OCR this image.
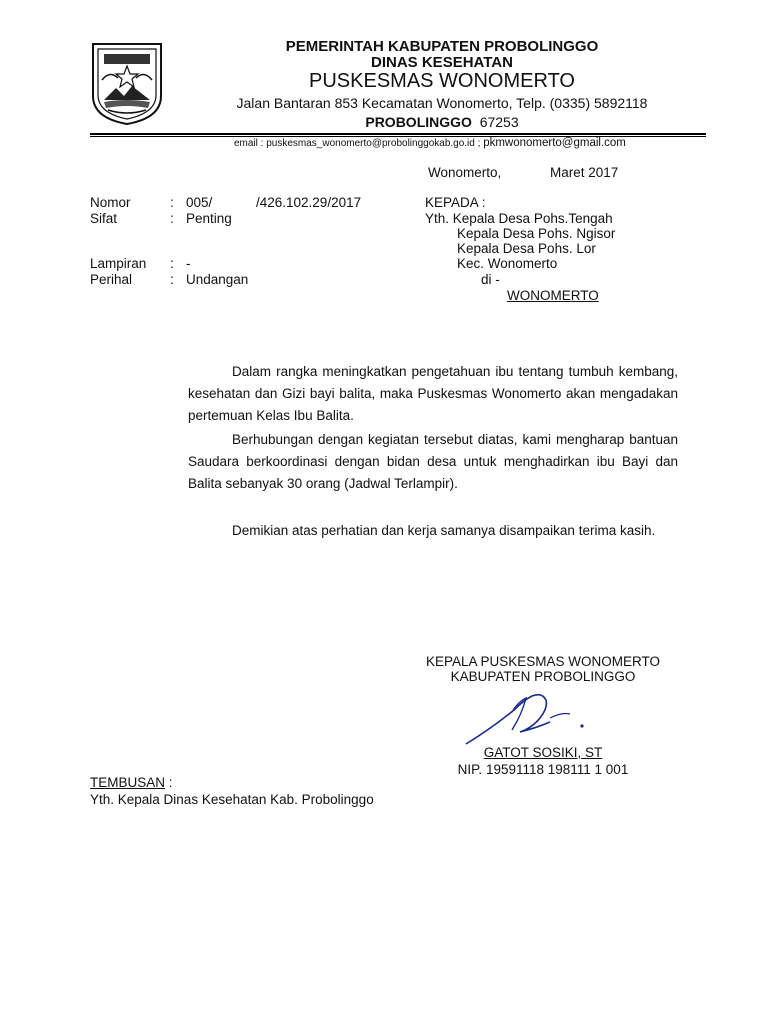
PEMERINTAH KABUPATEN PROBOLINGGO
DINAS KESEHATAN
PUSKESMAS WONOMERTO
Jalan Bantaran 853 Kecamatan Wonomerto, Telp. (0335) 5892118
PROBOLINGGO 67253
email : puskesmas_wonomerto@probolinggokab.go.id ; pkmwonomerto@gmail.com
Wonomerto,	Maret 2017
Nomor	: 005/	/426.102.29/2017
Sifat	: Penting
Lampiran : -
Perihal	: Undangan
KEPADA :
Yth. Kepala Desa Pohs.Tengah
Kepala Desa Pohs. Ngisor
Kepala Desa Pohs. Lor
Kec. Wonomerto
di -
WONOMERTO
Dalam rangka meningkatkan pengetahuan ibu tentang tumbuh kembang, kesehatan dan Gizi bayi balita, maka Puskesmas Wonomerto akan mengadakan pertemuan Kelas Ibu Balita.
Berhubungan dengan kegiatan tersebut diatas, kami mengharap bantuan Saudara berkoordinasi dengan bidan desa untuk menghadirkan ibu Bayi dan Balita sebanyak 30 orang (Jadwal Terlampir).
Demikian atas perhatian dan kerja samanya disampaikan terima kasih.
KEPALA PUSKESMAS WONOMERTO
KABUPATEN PROBOLINGGO
GATOT SOSIKI, ST
NIP. 19591118 198111 1 001
TEMBUSAN :
Yth. Kepala Dinas Kesehatan Kab. Probolinggo
